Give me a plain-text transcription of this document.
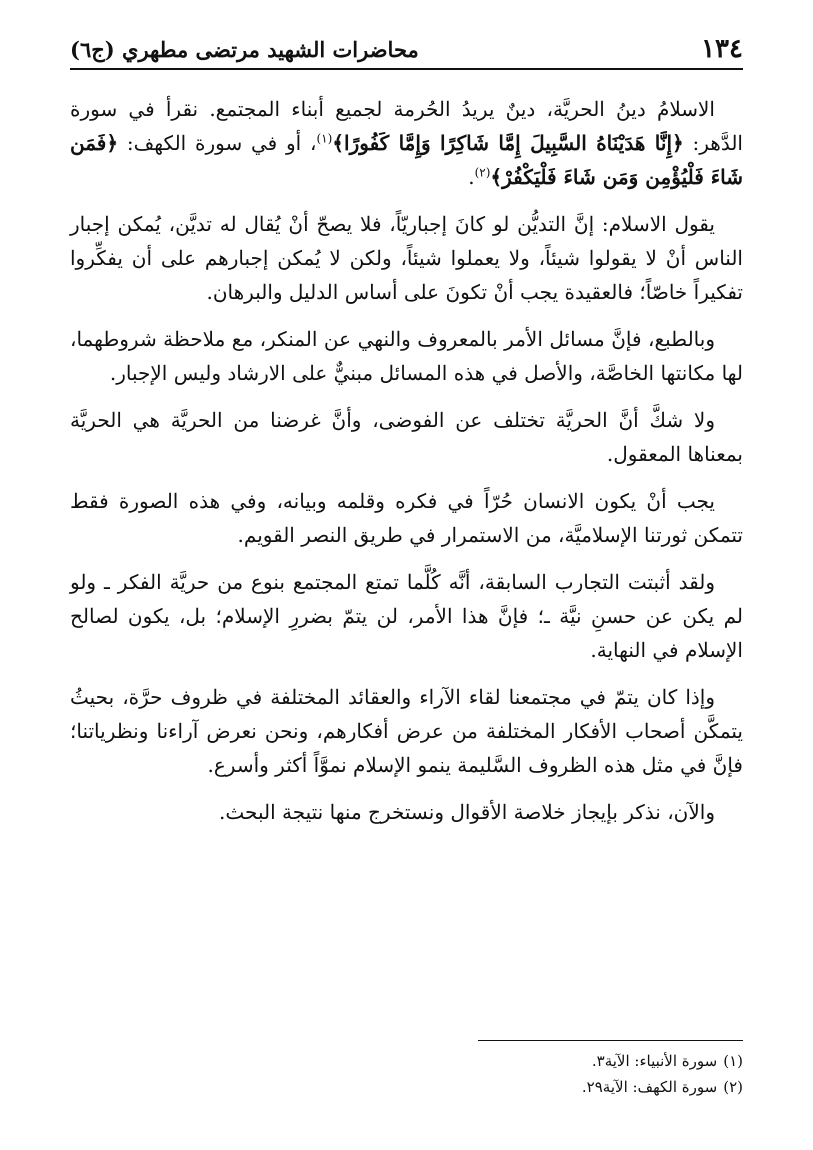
١٣٤
محاضرات الشهيد مرتضى مطهري (ج٦)

الاسلامُ دينُ الحريَّة، دينٌ يريدُ الحُرمة لجميع أبناء المجتمع. نقرأ في سورة الدَّهر: ﴿إِنَّا هَدَيْنَاهُ السَّبِيلَ إِمَّا شَاكِرًا وَإِمَّا كَفُورًا﴾$^{(١)}$، أو في سورة الكهف: ﴿فَمَن شَاءَ فَلْيُؤْمِن وَمَن شَاءَ فَلْيَكْفُرْ﴾$^{(٢)}$.

يقول الاسلام: إنَّ التديُّن لو كانَ إجباريّاً، فلا يصحّ أنْ يُقال له تديَّن، يُمكن إجبار الناس أنْ لا يقولوا شيئاً، ولا يعملوا شيئاً، ولكن لا يُمكن إجبارهم على أن يفكِّروا تفكيراً خاصّاً؛ فالعقيدة يجب أنْ تكونَ على أساس الدليل والبرهان.

وبالطبع، فإنَّ مسائل الأمر بالمعروف والنهي عن المنكر، مع ملاحظة شروطهما، لها مكانتها الخاصَّة، والأصل في هذه المسائل مبنيٌّ على الارشاد وليس الإجبار.

ولا شكَّ أنَّ الحريَّة تختلف عن الفوضى، وأنَّ غرضنا من الحريَّة هي الحريَّة بمعناها المعقول.

يجب أنْ يكون الانسان حُرّاً في فكره وقلمه وبيانه، وفي هذه الصورة فقط تتمكن ثورتنا الإسلاميَّة، من الاستمرار في طريق النصر القويم.

ولقد أثبتت التجارب السابقة، أنَّه كُلَّما تمتع المجتمع بنوع من حريَّة الفكر ـ ولو لم يكن عن حسنِ نيَّة ـ؛ فإنَّ هذا الأمر، لن يتمّ بضررِ الإسلام؛ بل، يكون لصالح الإسلام في النهاية.

وإذا كان يتمّ في مجتمعنا لقاء الآراء والعقائد المختلفة في ظروف حرَّة، بحيثُ يتمكَّن أصحاب الأفكار المختلفة من عرض أفكارهم، ونحن نعرض آراءنا ونظرياتنا؛ فإنَّ في مثل هذه الظروف السَّليمة ينمو الإسلام نموَّاً أكثر وأسرع.

والآن، نذكر بإيجاز خلاصة الأقوال ونستخرج منها نتيجة البحث.

(١)سورة الأنبياء: الآية٣.
(٢)سورة الكهف: الآية٢٩.
